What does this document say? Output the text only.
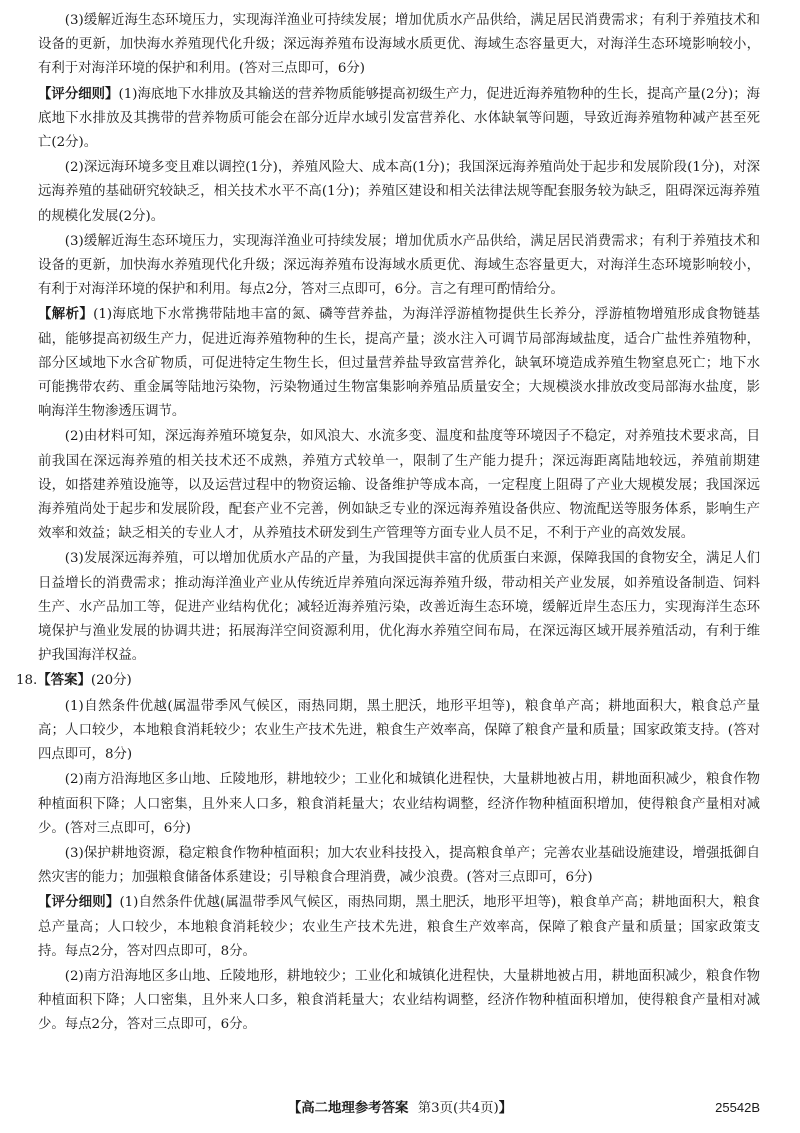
(3)缓解近海生态环境压力，实现海洋渔业可持续发展；增加优质水产品供给，满足居民消费需求；有利于养殖技术和设备的更新，加快海水养殖现代化升级；深远海养殖布设海域水质更优、海域生态容量更大，对海洋生态环境影响较小，有利于对海洋环境的保护和利用。(答对三点即可，6分)

【评分细则】(1)海底地下水排放及其输送的营养物质能够提高初级生产力，促进近海养殖物种的生长，提高产量(2分)；海底地下水排放及其携带的营养物质可能会在部分近岸水域引发富营养化、水体缺氧等问题，导致近海养殖物种减产甚至死亡(2分)。

(2)深远海环境多变且难以调控(1分)，养殖风险大、成本高(1分)；我国深远海养殖尚处于起步和发展阶段(1分)，对深远海养殖的基础研究较缺乏，相关技术水平不高(1分)；养殖区建设和相关法律法规等配套服务较为缺乏，阻碍深远海养殖的规模化发展(2分)。

(3)缓解近海生态环境压力，实现海洋渔业可持续发展；增加优质水产品供给，满足居民消费需求；有利于养殖技术和设备的更新，加快海水养殖现代化升级；深远海养殖布设海域水质更优、海域生态容量更大，对海洋生态环境影响较小，有利于对海洋环境的保护和利用。每点2分，答对三点即可，6分。言之有理可酌情给分。

【解析】(1)海底地下水常携带陆地丰富的氮、磷等营养盐，为海洋浮游植物提供生长养分，浮游植物增殖形成食物链基础，能够提高初级生产力，促进近海养殖物种的生长，提高产量；淡水注入可调节局部海域盐度，适合广盐性养殖物种，部分区域地下水含矿物质，可促进特定生物生长，但过量营养盐导致富营养化，缺氧环境造成养殖生物窒息死亡；地下水可能携带农药、重金属等陆地污染物，污染物通过生物富集影响养殖品质量安全；大规模淡水排放改变局部海水盐度，影响海洋生物渗透压调节。

(2)由材料可知，深远海养殖环境复杂，如风浪大、水流多变、温度和盐度等环境因子不稳定，对养殖技术要求高，目前我国在深远海养殖的相关技术还不成熟，养殖方式较单一，限制了生产能力提升；深远海距离陆地较远，养殖前期建设，如搭建养殖设施等，以及运营过程中的物资运输、设备维护等成本高，一定程度上阻碍了产业大规模发展；我国深远海养殖尚处于起步和发展阶段，配套产业不完善，例如缺乏专业的深远海养殖设备供应、物流配送等服务体系，影响生产效率和效益；缺乏相关的专业人才，从养殖技术研发到生产管理等方面专业人员不足，不利于产业的高效发展。

(3)发展深远海养殖，可以增加优质水产品的产量，为我国提供丰富的优质蛋白来源，保障我国的食物安全，满足人们日益增长的消费需求；推动海洋渔业产业从传统近岸养殖向深远海养殖升级，带动相关产业发展，如养殖设备制造、饲料生产、水产品加工等，促进产业结构优化；减轻近海养殖污染，改善近海生态环境，缓解近岸生态压力，实现海洋生态环境保护与渔业发展的协调共进；拓展海洋空间资源利用，优化海水养殖空间布局，在深远海区域开展养殖活动，有利于维护我国海洋权益。

18.【答案】(20分)

(1)自然条件优越(属温带季风气候区，雨热同期，黑土肥沃，地形平坦等)，粮食单产高；耕地面积大，粮食总产量高；人口较少，本地粮食消耗较少；农业生产技术先进，粮食生产效率高，保障了粮食产量和质量；国家政策支持。(答对四点即可，8分)

(2)南方沿海地区多山地、丘陵地形，耕地较少；工业化和城镇化进程快，大量耕地被占用，耕地面积减少，粮食作物种植面积下降；人口密集，且外来人口多，粮食消耗量大；农业结构调整，经济作物种植面积增加，使得粮食产量相对减少。(答对三点即可，6分)

(3)保护耕地资源，稳定粮食作物种植面积；加大农业科技投入，提高粮食单产；完善农业基础设施建设，增强抵御自然灾害的能力；加强粮食储备体系建设；引导粮食合理消费，减少浪费。(答对三点即可，6分)

【评分细则】(1)自然条件优越(属温带季风气候区，雨热同期，黑土肥沃，地形平坦等)，粮食单产高；耕地面积大，粮食总产量高；人口较少，本地粮食消耗较少；农业生产技术先进，粮食生产效率高，保障了粮食产量和质量；国家政策支持。每点2分，答对四点即可，8分。

(2)南方沿海地区多山地、丘陵地形，耕地较少；工业化和城镇化进程快，大量耕地被占用，耕地面积减少，粮食作物种植面积下降；人口密集，且外来人口多，粮食消耗量大；农业结构调整，经济作物种植面积增加，使得粮食产量相对减少。每点2分，答对三点即可，6分。

【高二地理参考答案 第3页(共4页)】	25542B
